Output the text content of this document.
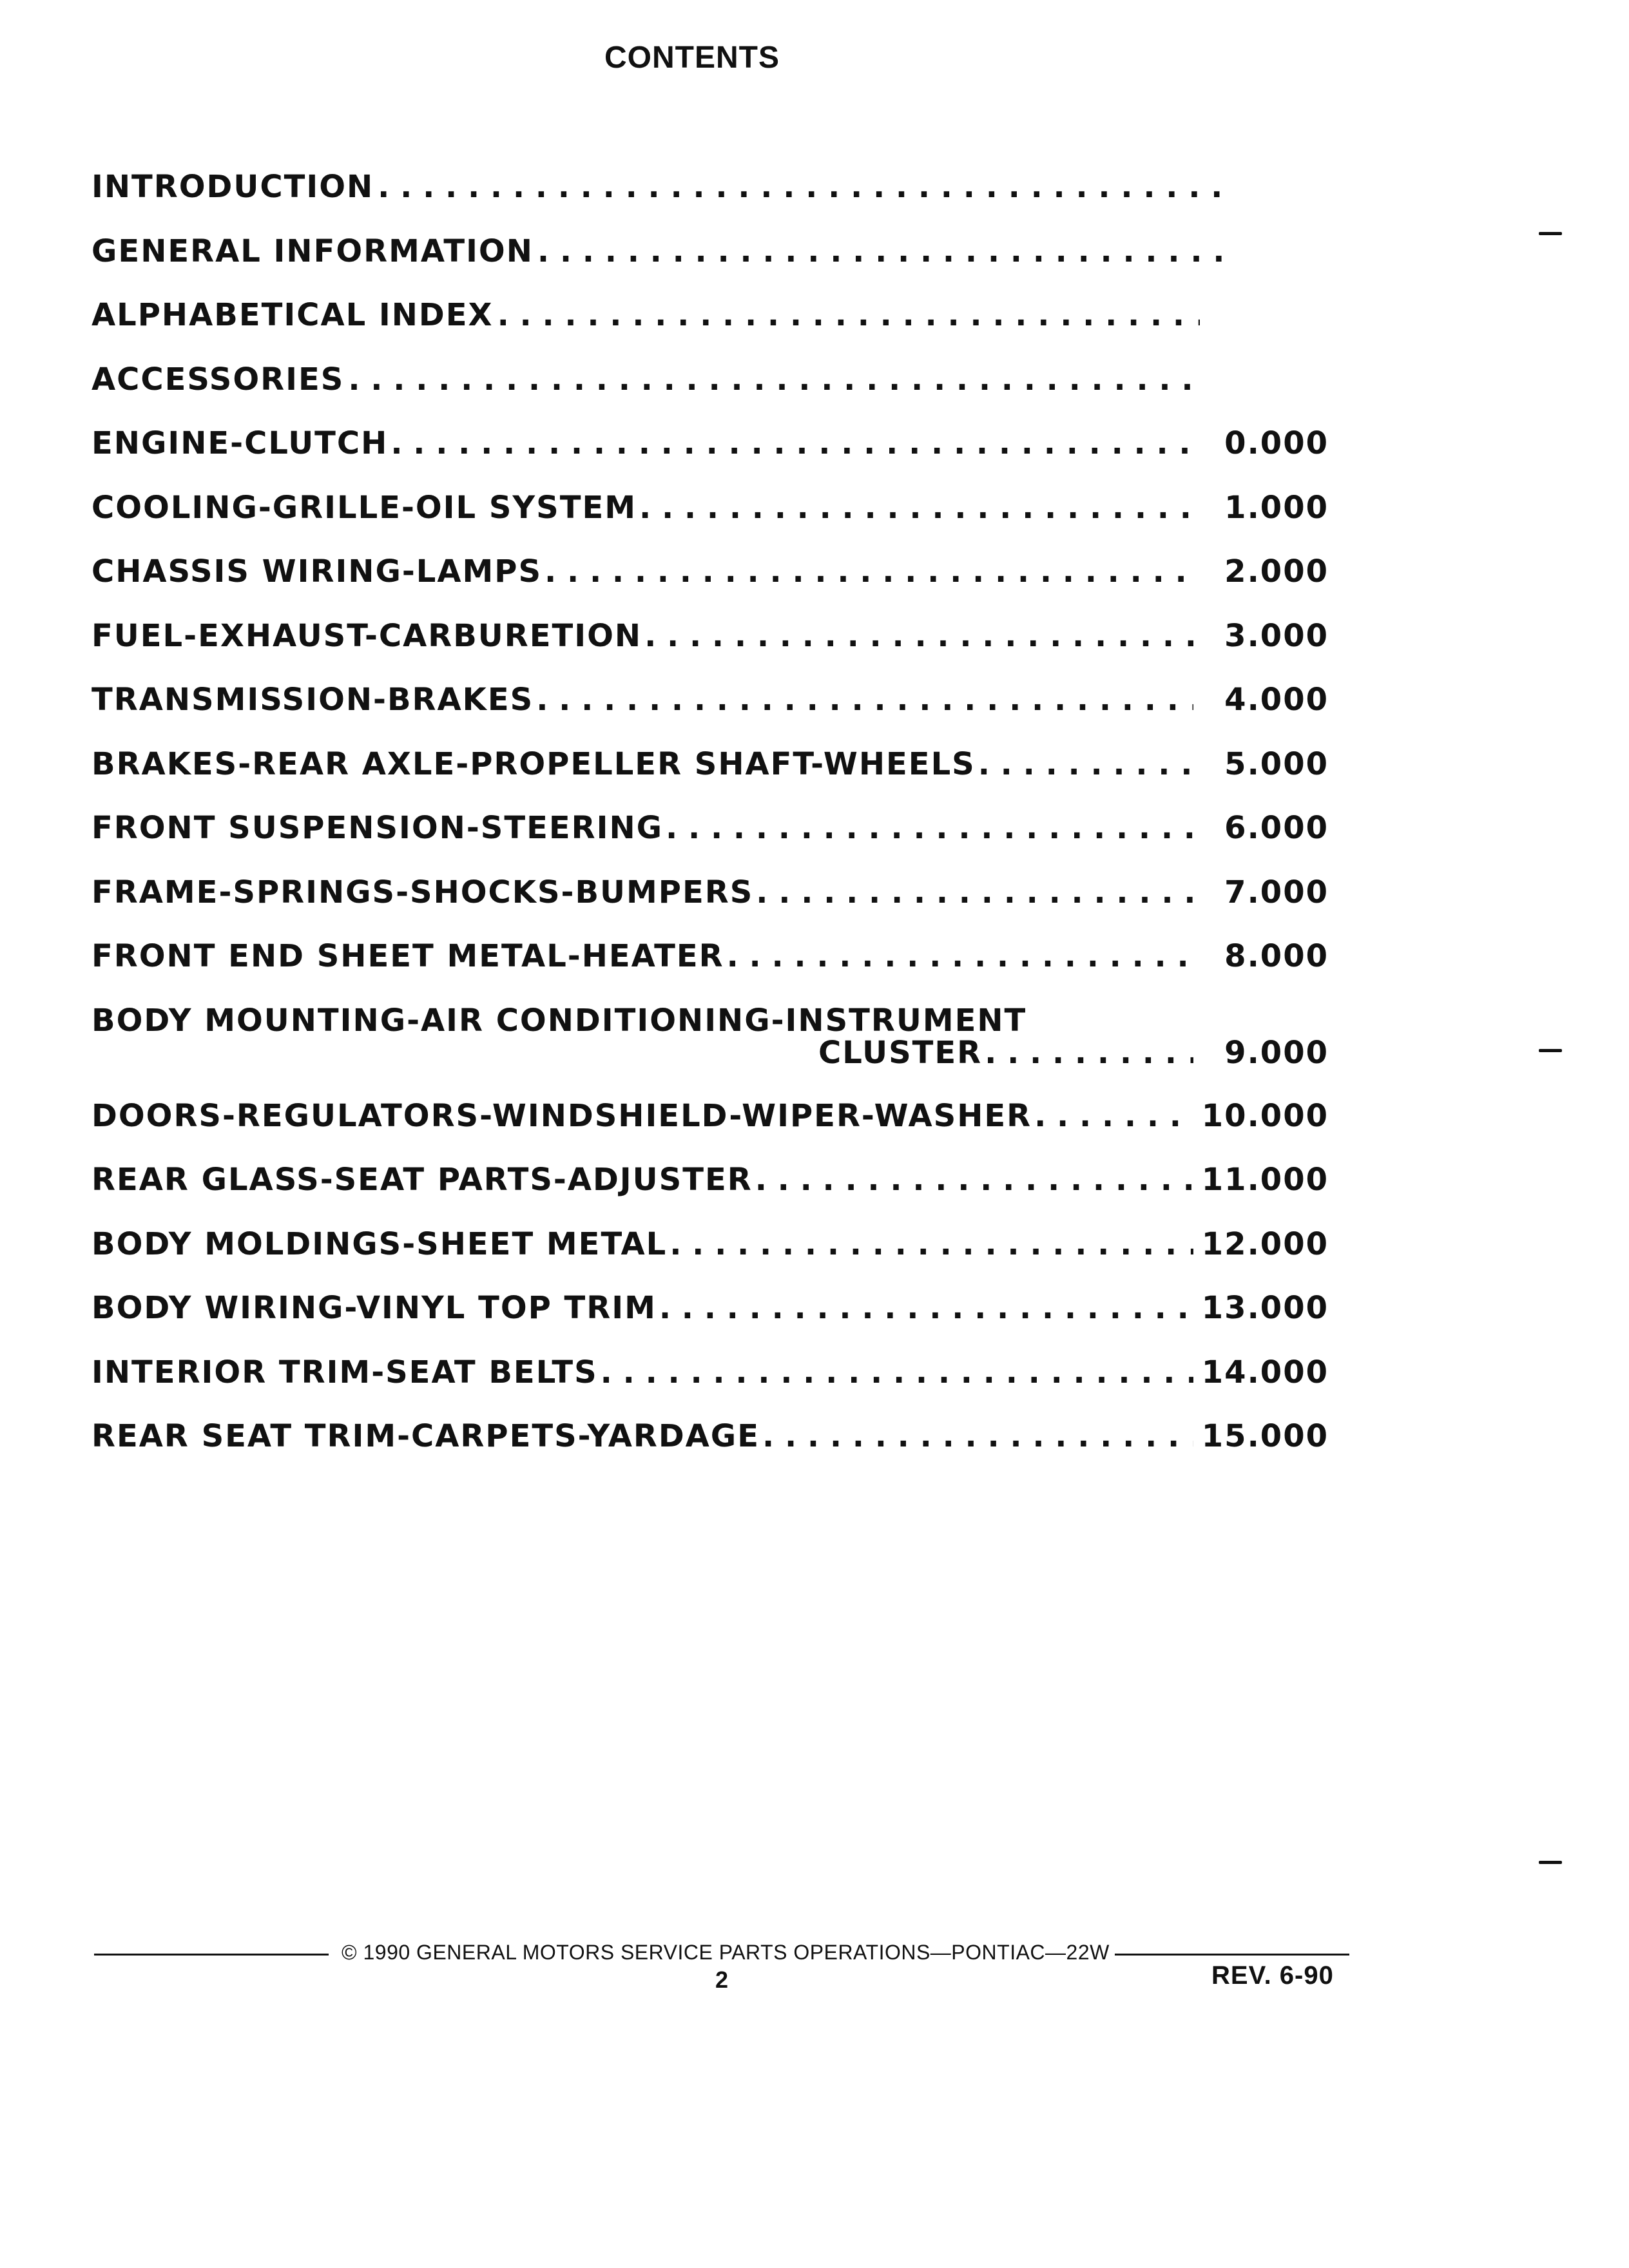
CONTENTS
INTRODUCTION
. . .
GENERAL INFORMATION
. . .
ALPHABETICAL INDEX
. . .
ACCESSORIES
. . .
ENGINE-CLUTCH . . .	0.000
COOLING-GRILLE-OIL SYSTEM . . .	1.000
CHASSIS WIRING-LAMPS . . .	2.000
FUEL-EXHAUST-CARBURETION . . .	3.000
TRANSMISSION-BRAKES . . .	4.000
BRAKES-REAR AXLE-PROPELLER SHAFT-WHEELS . . .	5.000
FRONT SUSPENSION-STEERING . . .	6.000
FRAME-SPRINGS-SHOCKS-BUMPERS . . .	7.000
FRONT END SHEET METAL-HEATER . . .	8.000
BODY MOUNTING-AIR CONDITIONING-INSTRUMENT
CLUSTER . . .	9.000
DOORS-REGULATORS-WINDSHIELD-WIPER-WASHER . . .	10.000
REAR GLASS-SEAT PARTS-ADJUSTER . . .	11.000
BODY MOLDINGS-SHEET METAL . . .	12.000
BODY WIRING-VINYL TOP TRIM . . .	13.000
INTERIOR TRIM-SEAT BELTS . . .	14.000
REAR SEAT TRIM-CARPETS-YARDAGE . . .	15.000
© 1990 GENERAL MOTORS SERVICE PARTS OPERATIONS—PONTIAC—22W
2	REV. 6-90
